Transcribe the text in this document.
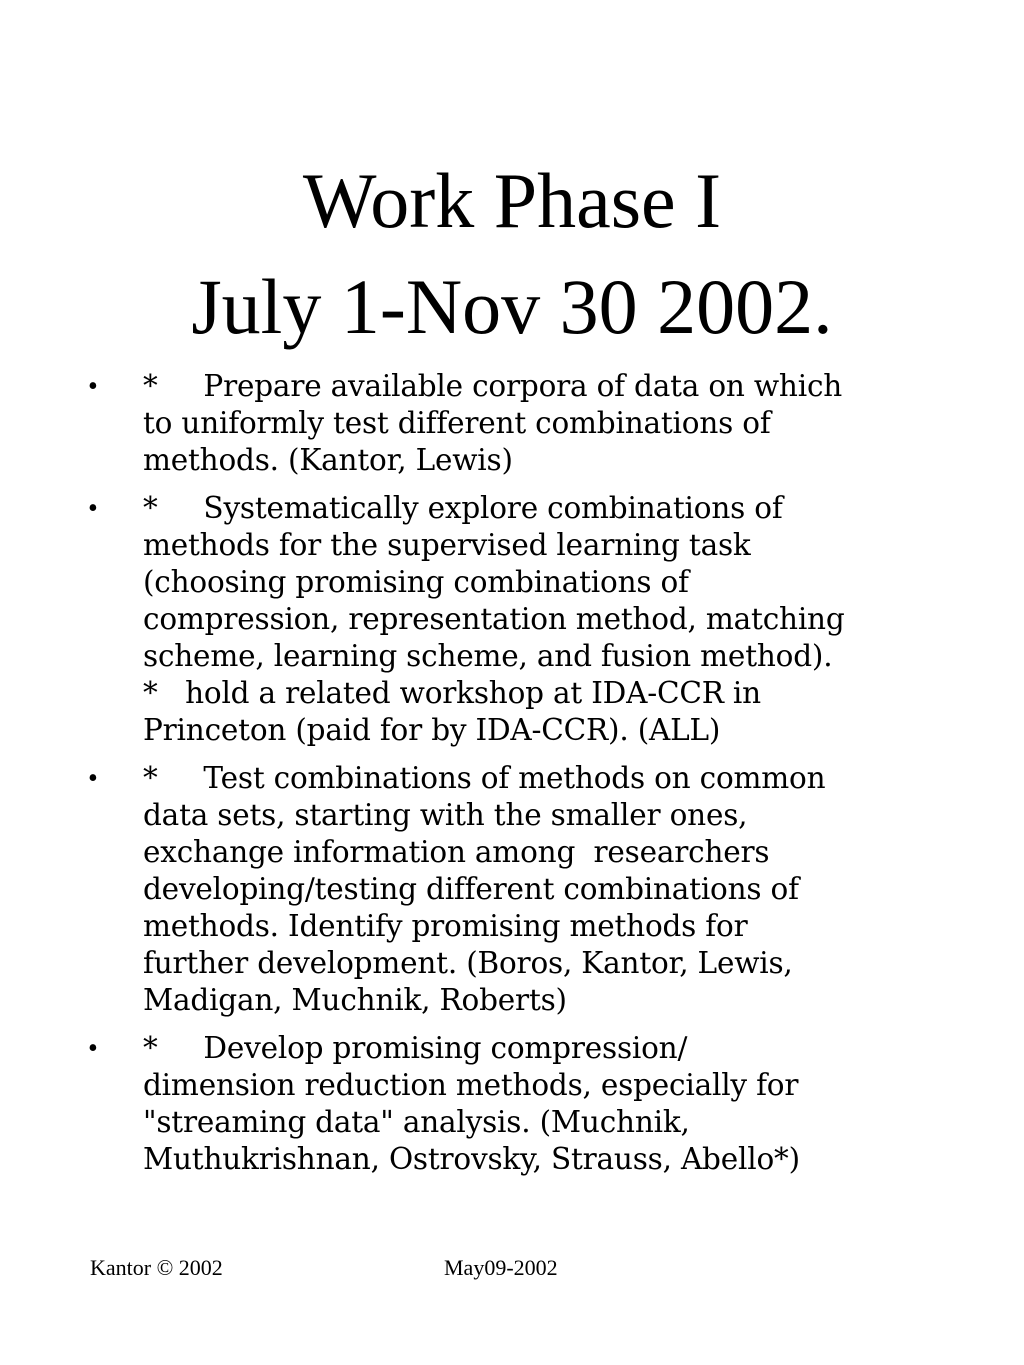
Work Phase I
July 1-Nov 30 2002.
• *     Prepare available corpora of data on which
to uniformly test different combinations of
methods. (Kantor, Lewis)
• *     Systematically explore combinations of
methods for the supervised learning task
(choosing promising combinations of
compression, representation method, matching
scheme, learning scheme, and fusion method).
*   hold a related workshop at IDA-CCR in
Princeton (paid for by IDA-CCR). (ALL)
• *     Test combinations of methods on common
data sets, starting with the smaller ones,
exchange information among  researchers
developing/testing different combinations of
methods. Identify promising methods for
further development. (Boros, Kantor, Lewis,
Madigan, Muchnik, Roberts)
• *     Develop promising compression/
dimension reduction methods, especially for
"streaming data" analysis. (Muchnik,
Muthukrishnan, Ostrovsky, Strauss, Abello*)
Kantor © 2002	May09-2002
